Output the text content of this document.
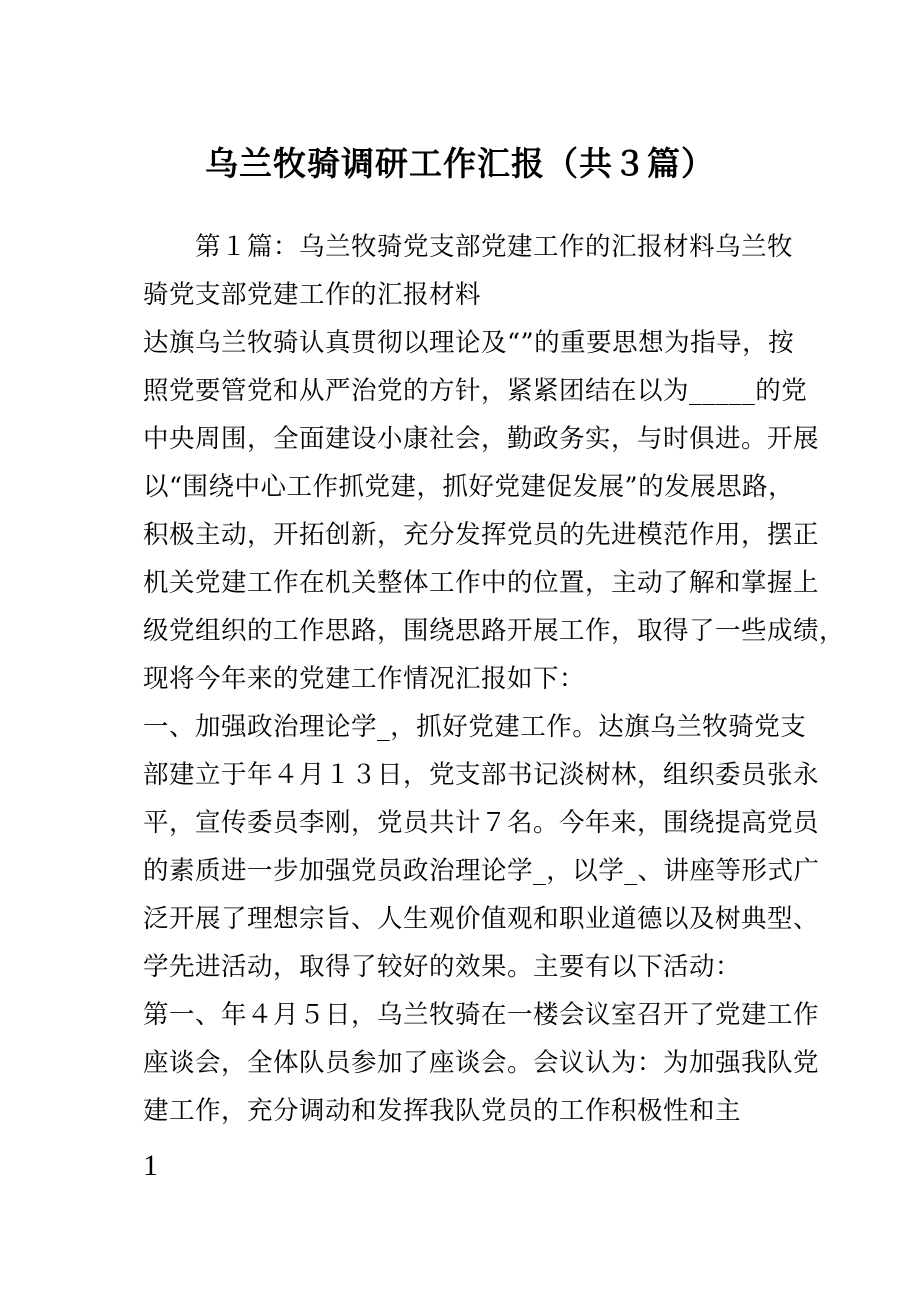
乌兰牧骑调研工作汇报（共３篇）

　　第１篇：乌兰牧骑党支部党建工作的汇报材料乌兰牧

骑党支部党建工作的汇报材料

达旗乌兰牧骑认真贯彻以理论及“”的重要思想为指导，按

照党要管党和从严治党的方针，紧紧团结在以为_____的党

中央周围，全面建设小康社会，勤政务实，与时俱进。开展

以“围绕中心工作抓党建，抓好党建促发展”的发展思路，

积极主动，开拓创新，充分发挥党员的先进模范作用，摆正

机关党建工作在机关整体工作中的位置，主动了解和掌握上

级党组织的工作思路，围绕思路开展工作，取得了一些成绩，

现将今年来的党建工作情况汇报如下：

一、加强政治理论学_，抓好党建工作。达旗乌兰牧骑党支

部建立于年４月１３日，党支部书记淡树林，组织委员张永

平，宣传委员李刚，党员共计７名。今年来，围绕提高党员

的素质进一步加强党员政治理论学_，以学_、讲座等形式广

泛开展了理想宗旨、人生观价值观和职业道德以及树典型、

学先进活动，取得了较好的效果。主要有以下活动：

第一、年４月５日，乌兰牧骑在一楼会议室召开了党建工作

座谈会，全体队员参加了座谈会。会议认为：为加强我队党

建工作，充分调动和发挥我队党员的工作积极性和主

1
